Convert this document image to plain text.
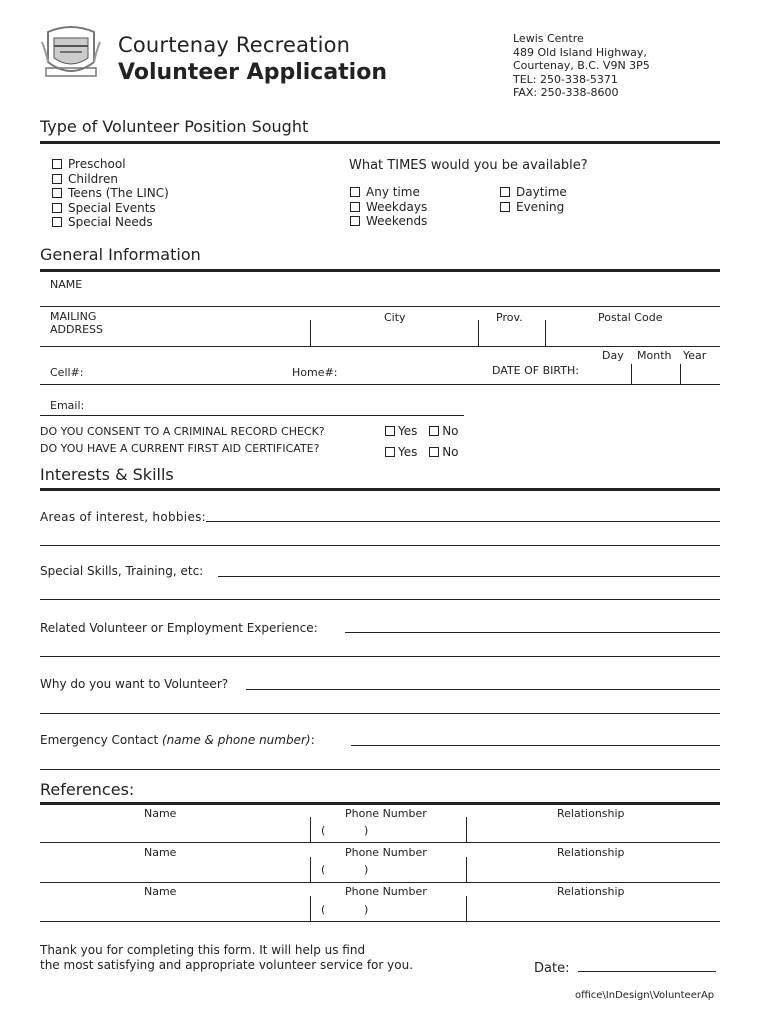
Courtenay Recreation
Volunteer Application
Lewis Centre
489 Old Island Highway,
Courtenay, B.C. V9N 3P5
TEL: 250-338-5371
FAX: 250-338-8600
Type of Volunteer Position Sought
Preschool
Children
Teens (The LINC)
Special Events
Special Needs
What TIMES would you be available?
Any time
Weekdays
Weekends
Daytime
Evening
General Information
NAME
MAILING
ADDRESS
City	Prov.	Postal Code
Day Month Year
Cell#:	Home#:	DATE OF BIRTH:
Email:
DO YOU CONSENT TO A CRIMINAL RECORD CHECK?
DO YOU HAVE A CURRENT FIRST AID CERTIFICATE?
Yes No
Yes No
Interests & Skills
Areas of interest, hobbies:
Special Skills, Training, etc:
Related Volunteer or Employment Experience:
Why do you want to Volunteer?
Emergency Contact (name & phone number):
References:
Name	Phone Number	Relationship
(	)
Name	Phone Number	Relationship
(	)
Name	Phone Number	Relationship
(	)
Thank you for completing this form. It will help us find
the most satisfying and appropriate volunteer service for you.	Date:
office\InDesign\VolunteerAp
